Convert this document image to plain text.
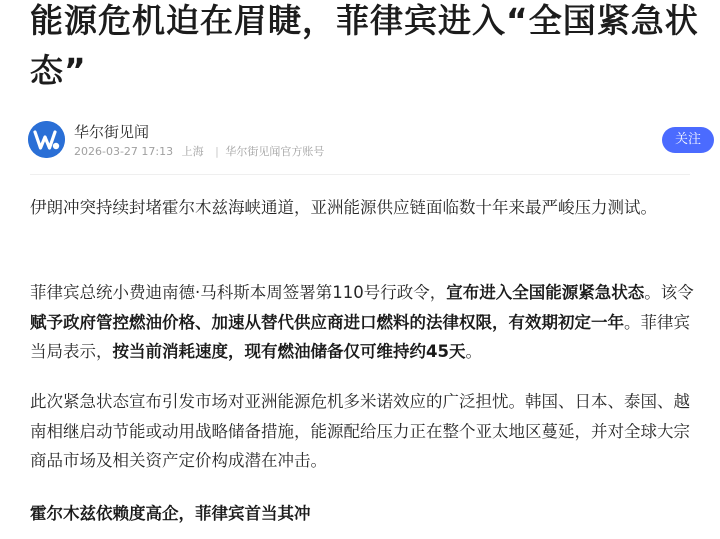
能源危机迫在眉睫，菲律宾进入“全国紧急状态”
华尔街见闻
2026-03-27 17:13 上海 | 华尔街见闻官方账号
关注

伊朗冲突持续封堵霍尔木兹海峡通道，亚洲能源供应链面临数十年来最严峻压力测试。

菲律宾总统小费迪南德·马科斯本周签署第110号行政令，宣布进入全国能源紧急状态。该令赋予政府管控燃油价格、加速从替代供应商进口燃料的法律权限，有效期初定一年。菲律宾当局表示，按当前消耗速度，现有燃油储备仅可维持约45天。

此次紧急状态宣布引发市场对亚洲能源危机多米诺效应的广泛担忧。韩国、日本、泰国、越南相继启动节能或动用战略储备措施，能源配给压力正在整个亚太地区蔓延，并对全球大宗商品市场及相关资产定价构成潜在冲击。

霍尔木兹依赖度高企，菲律宾首当其冲
